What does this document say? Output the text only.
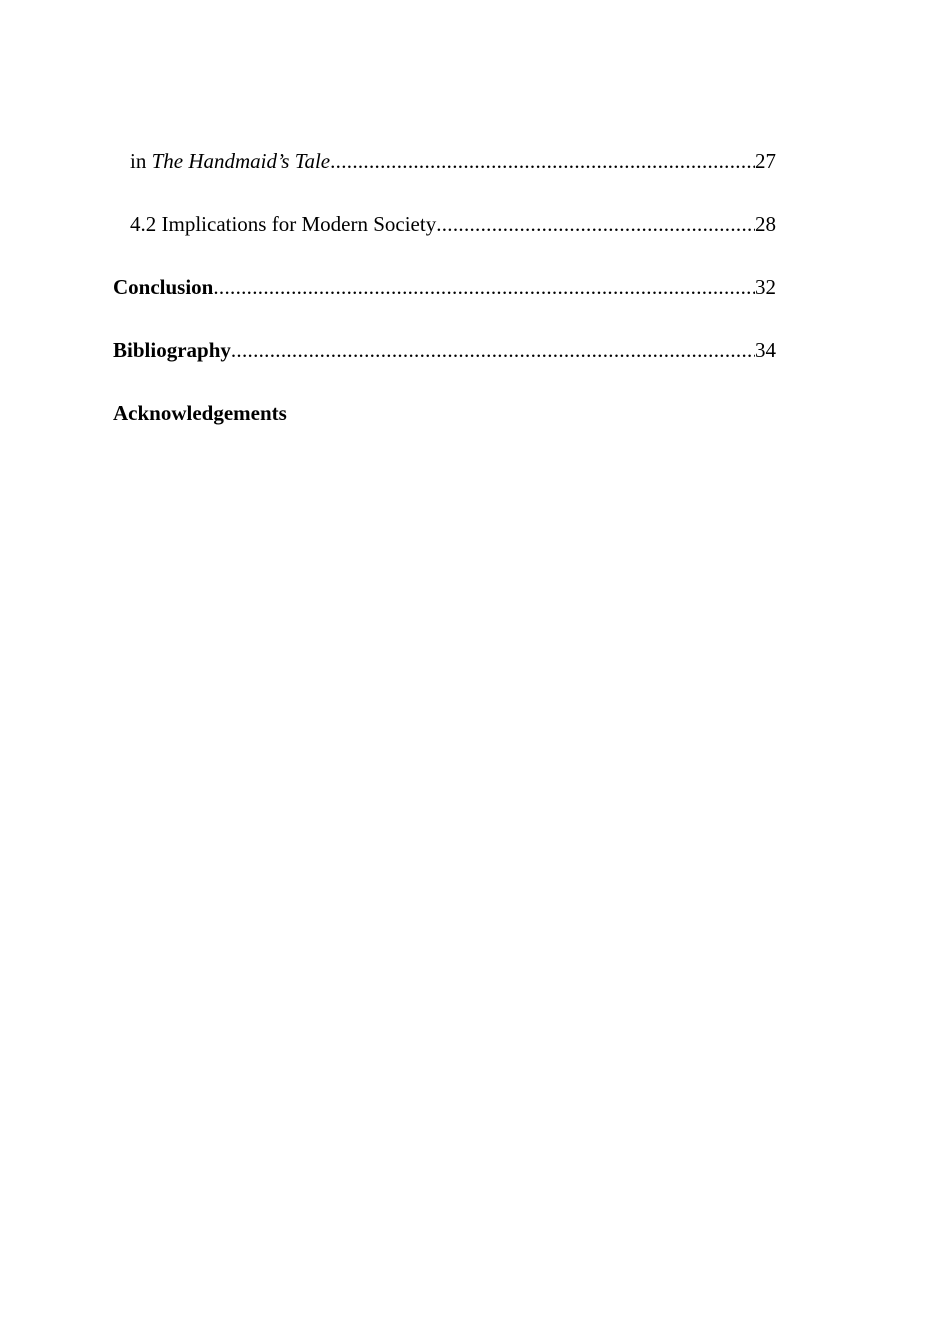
in The Handmaid’s Tale .....	27
4.2 Implications for Modern Society .....	28
Conclusion .....	32
Bibliography .....	34
Acknowledgements
